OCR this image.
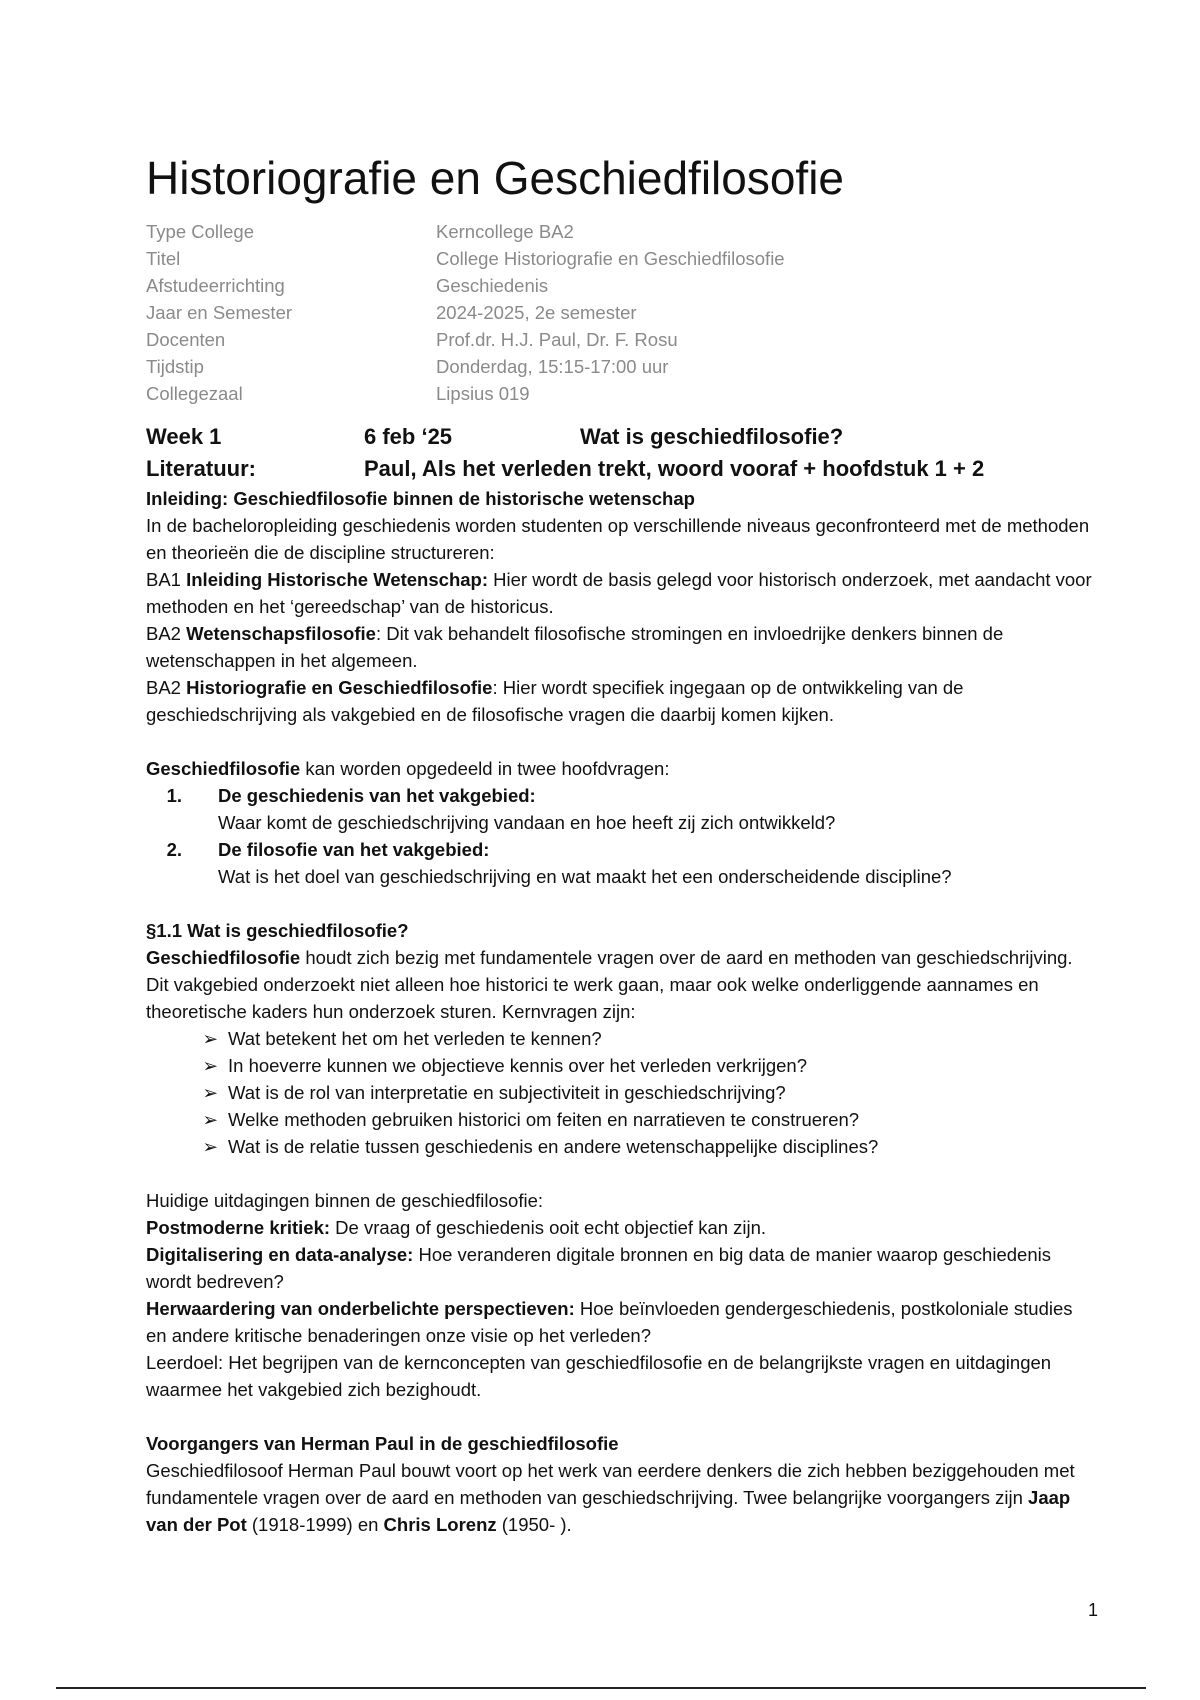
Historiografie en Geschiedfilosofie
Type College	Kerncollege BA2
Titel	College Historiografie en Geschiedfilosofie
Afstudeerrichting	Geschiedenis
Jaar en Semester	2024-2025, 2e semester
Docenten	Prof.dr. H.J. Paul, Dr. F. Rosu
Tijdstip	Donderdag, 15:15-17:00 uur
Collegezaal	Lipsius 019
Week 1	6 feb ‘25	Wat is geschiedfilosofie?
Literatuur:	Paul, Als het verleden trekt, woord vooraf + hoofdstuk 1 + 2

Inleiding: Geschiedfilosofie binnen de historische wetenschap

In de bacheloropleiding geschiedenis worden studenten op verschillende niveaus geconfronteerd met de methoden en theorieën die de discipline structureren:

BA1 Inleiding Historische Wetenschap: Hier wordt de basis gelegd voor historisch onderzoek, met aandacht voor methoden en het ‘gereedschap’ van de historicus.

BA2 Wetenschapsfilosofie: Dit vak behandelt filosofische stromingen en invloedrijke denkers binnen de wetenschappen in het algemeen.

BA2 Historiografie en Geschiedfilosofie: Hier wordt specifiek ingegaan op de ontwikkeling van de geschiedschrijving als vakgebied en de filosofische vragen die daarbij komen kijken.

Geschiedfilosofie kan worden opgedeeld in twee hoofdvragen:

1.	De geschiedenis van het vakgebied:
Waar komt de geschiedschrijving vandaan en hoe heeft zij zich ontwikkeld?
2.	De filosofie van het vakgebied:
Wat is het doel van geschiedschrijving en wat maakt het een onderscheidende discipline?

§1.1 Wat is geschiedfilosofie?

Geschiedfilosofie houdt zich bezig met fundamentele vragen over de aard en methoden van geschiedschrijving. Dit vakgebied onderzoekt niet alleen hoe historici te werk gaan, maar ook welke onderliggende aannames en theoretische kaders hun onderzoek sturen. Kernvragen zijn:

➢ Wat betekent het om het verleden te kennen?
➢ In hoeverre kunnen we objectieve kennis over het verleden verkrijgen?
➢ Wat is de rol van interpretatie en subjectiviteit in geschiedschrijving?
➢ Welke methoden gebruiken historici om feiten en narratieven te construeren?
➢ Wat is de relatie tussen geschiedenis en andere wetenschappelijke disciplines?

Huidige uitdagingen binnen de geschiedfilosofie:

Postmoderne kritiek: De vraag of geschiedenis ooit echt objectief kan zijn.

Digitalisering en data-analyse: Hoe veranderen digitale bronnen en big data de manier waarop geschiedenis wordt bedreven?

Herwaardering van onderbelichte perspectieven: Hoe beïnvloeden gendergeschiedenis, postkoloniale studies en andere kritische benaderingen onze visie op het verleden?

Leerdoel: Het begrijpen van de kernconcepten van geschiedfilosofie en de belangrijkste vragen en uitdagingen waarmee het vakgebied zich bezighoudt.

Voorgangers van Herman Paul in de geschiedfilosofie

Geschiedfilosoof Herman Paul bouwt voort op het werk van eerdere denkers die zich hebben beziggehouden met fundamentele vragen over de aard en methoden van geschiedschrijving. Twee belangrijke voorgangers zijn Jaap van der Pot (1918-1999) en Chris Lorenz (1950- ).

1
